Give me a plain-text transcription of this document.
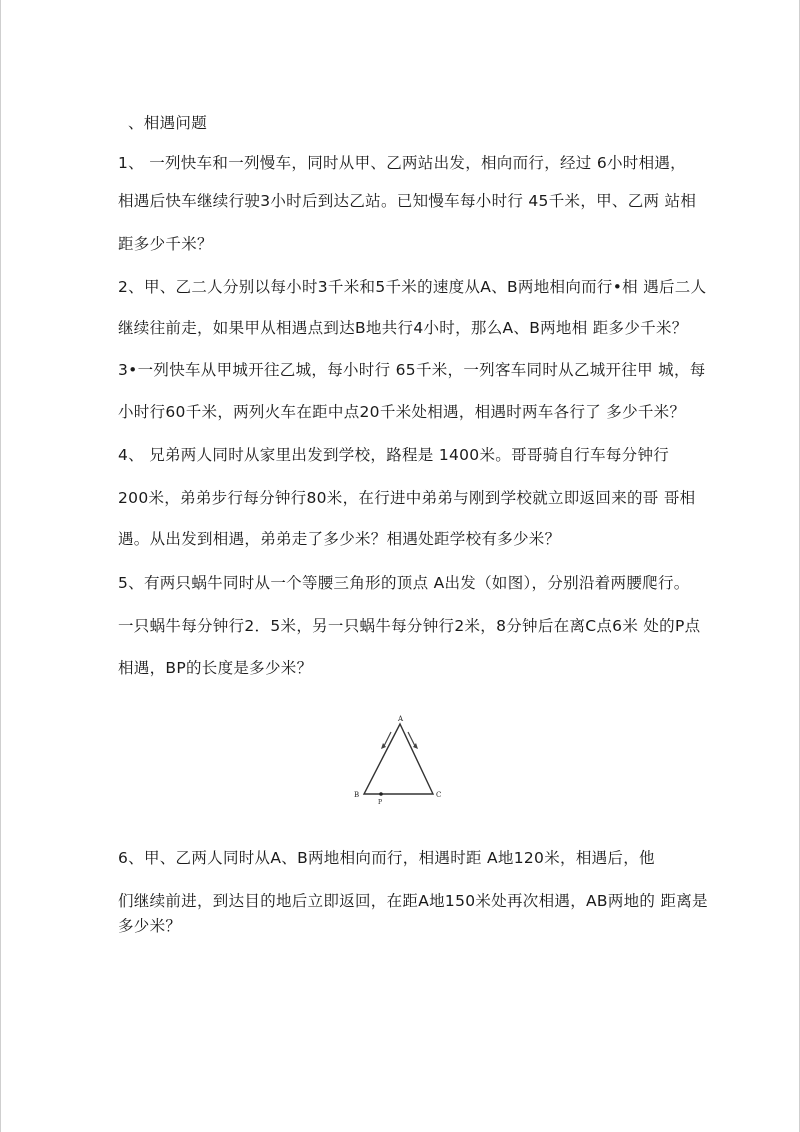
、相遇问题
1、 一列快车和一列慢车，同时从甲、乙两站出发，相向而行，经过 6小时相遇，
相遇后快车继续行驶3小时后到达乙站。已知慢车每小时行 45千米，甲、乙两 站相
距多少千米？
2、甲、乙二人分别以每小时3千米和5千米的速度从A、B两地相向而行•相 遇后二人
继续往前走，如果甲从相遇点到达B地共行4小时，那么A、B两地相 距多少千米？
3•一列快车从甲城开往乙城，每小时行 65千米，一列客车同时从乙城开往甲 城，每
小时行60千米，两列火车在距中点20千米处相遇，相遇时两车各行了 多少千米？
4、 兄弟两人同时从家里出发到学校，路程是 1400米。哥哥骑自行车每分钟行
200米，弟弟步行每分钟行80米，在行进中弟弟与刚到学校就立即返回来的哥 哥相
遇。从出发到相遇，弟弟走了多少米？相遇处距学校有多少米？
5、有两只蜗牛同时从一个等腰三角形的顶点 A出发（如图），分别沿着两腰爬行。
一只蜗牛每分钟行2．5米，另一只蜗牛每分钟行2米，8分钟后在离C点6米 处的P点
相遇，BP的长度是多少米？
A
B	C
P
6、甲、乙两人同时从A、B两地相向而行，相遇时距 A地120米，相遇后，他
们继续前进，到达目的地后立即返回，在距A地150米处再次相遇，AB两地的 距离是
多少米？
